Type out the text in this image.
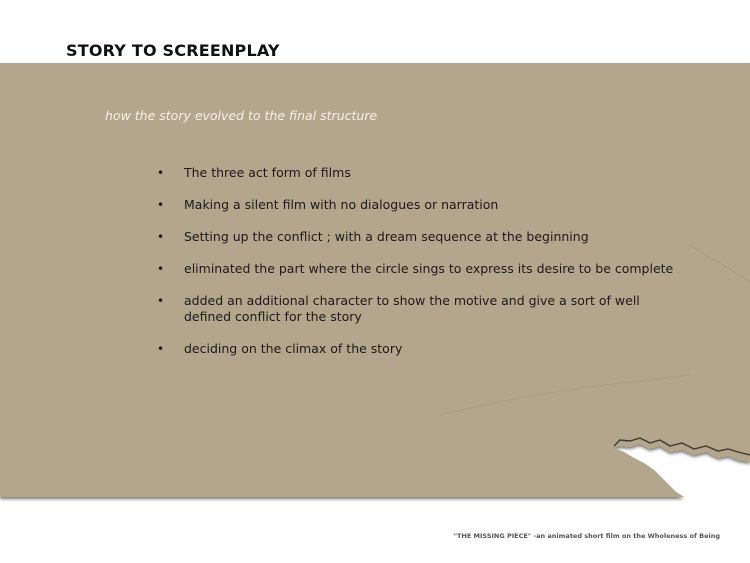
STORY TO SCREENPLAY
how the story evolved to the final structure
• The three act form of films
• Making a silent film with no dialogues or narration
• Setting up the conflict ; with a dream sequence at the beginning
• eliminated the part where the circle sings to express its desire to be complete
• added an additional character to show the motive and give a sort of well defined conflict for the story
• deciding on the climax of the story
"THE MISSING PIECE" -an animated short film on the Wholeness of Being
